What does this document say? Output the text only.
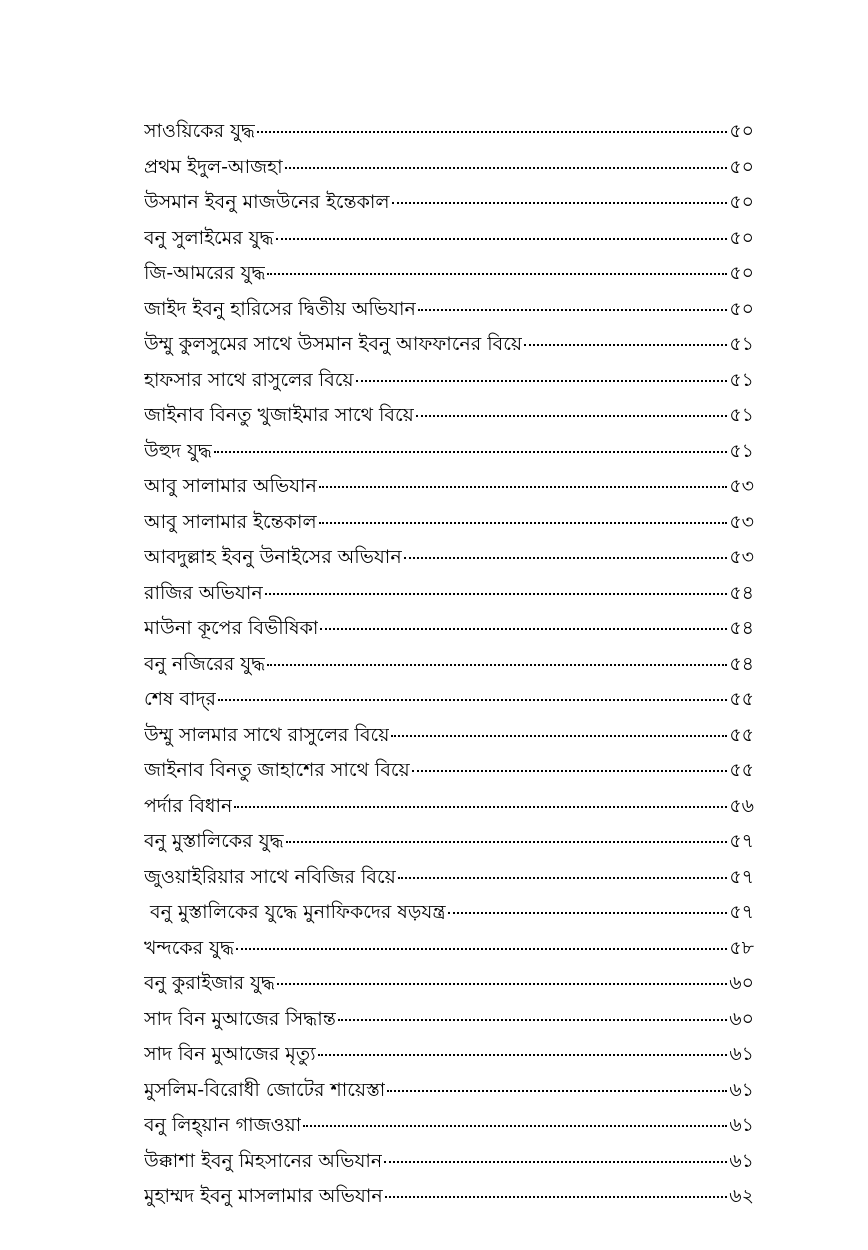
সাওয়িকের যুদ্ধ	৫০
প্রথম ইদুল-আজহা	৫০
উসমান ইবনু মাজউনের ইন্তেকাল	৫০
বনু সুলাইমের যুদ্ধ	৫০
জি-আমরের যুদ্ধ	৫০
জাইদ ইবনু হারিসের দ্বিতীয় অভিযান	৫০
উম্মু কুলসুমের সাথে উসমান ইবনু আফফানের বিয়ে	৫১
হাফসার সাথে রাসুলের বিয়ে	৫১
জাইনাব বিনতু খুজাইমার সাথে বিয়ে	৫১
উহুদ যুদ্ধ	৫১
আবু সালামার অভিযান	৫৩
আবু সালামার ইন্তেকাল	৫৩
আবদুল্লাহ ইবনু উনাইসের অভিযান	৫৩
রাজির অভিযান	৫৪
মাউনা কূপের বিভীষিকা	৫৪
বনু নজিরের যুদ্ধ	৫৪
শেষ বাদ্‌র	৫৫
উম্মু সালমার সাথে রাসুলের বিয়ে	৫৫
জাইনাব বিনতু জাহাশের সাথে বিয়ে	৫৫
পর্দার বিধান	৫৬
বনু মুস্তালিকের যুদ্ধ	৫৭
জুওয়াইরিয়ার সাথে নবিজির বিয়ে	৫৭
বনু মুস্তালিকের যুদ্ধে মুনাফিকদের ষড়যন্ত্র	৫৭
খন্দকের যুদ্ধ	৫৮
বনু কুরাইজার যুদ্ধ	৬০
সাদ বিন মুআজের সিদ্ধান্ত	৬০
সাদ বিন মুআজের মৃত্যু	৬১
মুসলিম-বিরোধী জোটের শায়েস্তা	৬১
বনু লিহ্‌য়ান গাজওয়া	৬১
উক্কাশা ইবনু মিহসানের অভিযান	৬১
মুহাম্মদ ইবনু মাসলামার অভিযান	৬২
